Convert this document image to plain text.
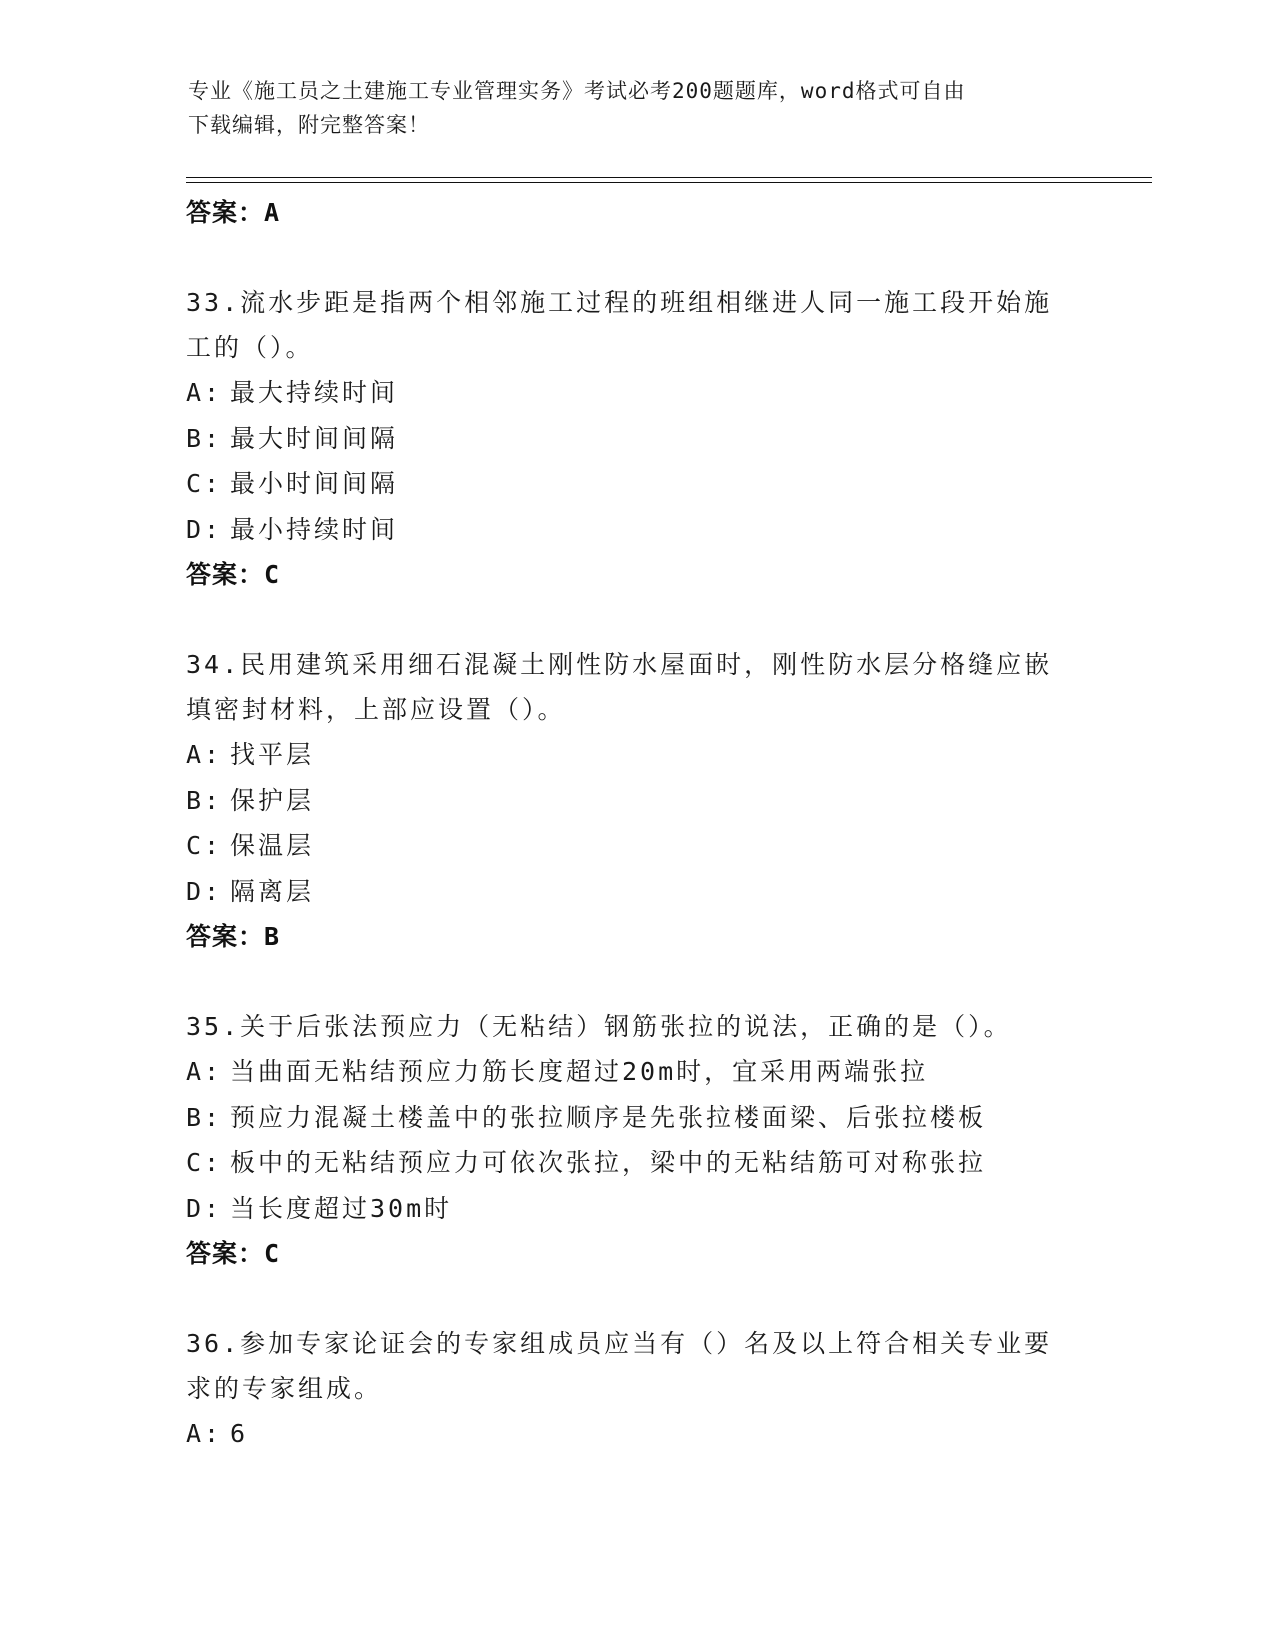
专业《施工员之土建施工专业管理实务》考试必考200题题库，word格式可自由
下载编辑，附完整答案！
答案：A

33.流水步距是指两个相邻施工过程的班组相继进人同一施工段开始施
工的（）。

A: 最大持续时间
B: 最大时间间隔
C: 最小时间间隔
D: 最小持续时间
答案：C

34.民用建筑采用细石混凝土刚性防水屋面时，刚性防水层分格缝应嵌
填密封材料，上部应设置（）。

A: 找平层
B: 保护层
C: 保温层
D: 隔离层
答案：B

35.关于后张法预应力（无粘结）钢筋张拉的说法，正确的是（）。

A: 当曲面无粘结预应力筋长度超过20m时，宜采用两端张拉
B: 预应力混凝土楼盖中的张拉顺序是先张拉楼面梁、后张拉楼板
C: 板中的无粘结预应力可依次张拉，梁中的无粘结筋可对称张拉
D: 当长度超过30m时
答案：C

36.参加专家论证会的专家组成员应当有（）名及以上符合相关专业要
求的专家组成。

A: 6
